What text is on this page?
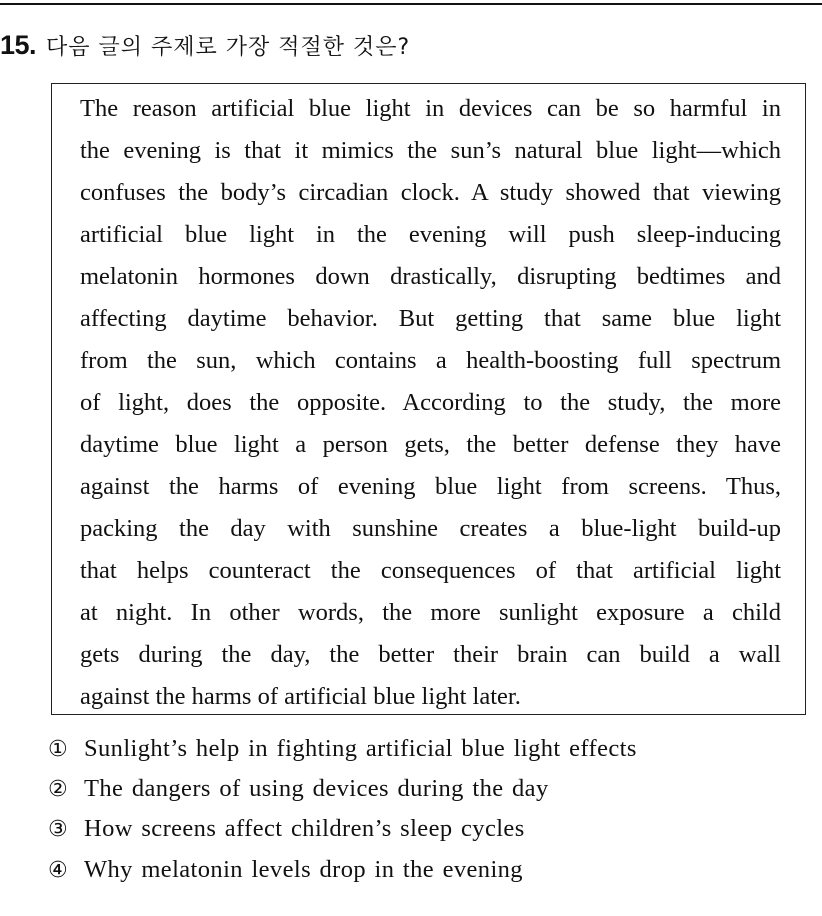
15. 다음 글의 주제로 가장 적절한 것은?
The reason artificial blue light in devices can be so harmful in
the evening is that it mimics the sun’s natural blue light—which
confuses the body’s circadian clock. A study showed that viewing
artificial blue light in the evening will push sleep-inducing
melatonin hormones down drastically, disrupting bedtimes and
affecting daytime behavior. But getting that same blue light
from the sun, which contains a health-boosting full spectrum
of light, does the opposite. According to the study, the more
daytime blue light a person gets, the better defense they have
against the harms of evening blue light from screens. Thus,
packing the day with sunshine creates a blue-light build-up
that helps counteract the consequences of that artificial light
at night. In other words, the more sunlight exposure a child
gets during the day, the better their brain can build a wall
against the harms of artificial blue light later.
① Sunlight’s help in fighting artificial blue light effects
② The dangers of using devices during the day
③ How screens affect children’s sleep cycles
④ Why melatonin levels drop in the evening
